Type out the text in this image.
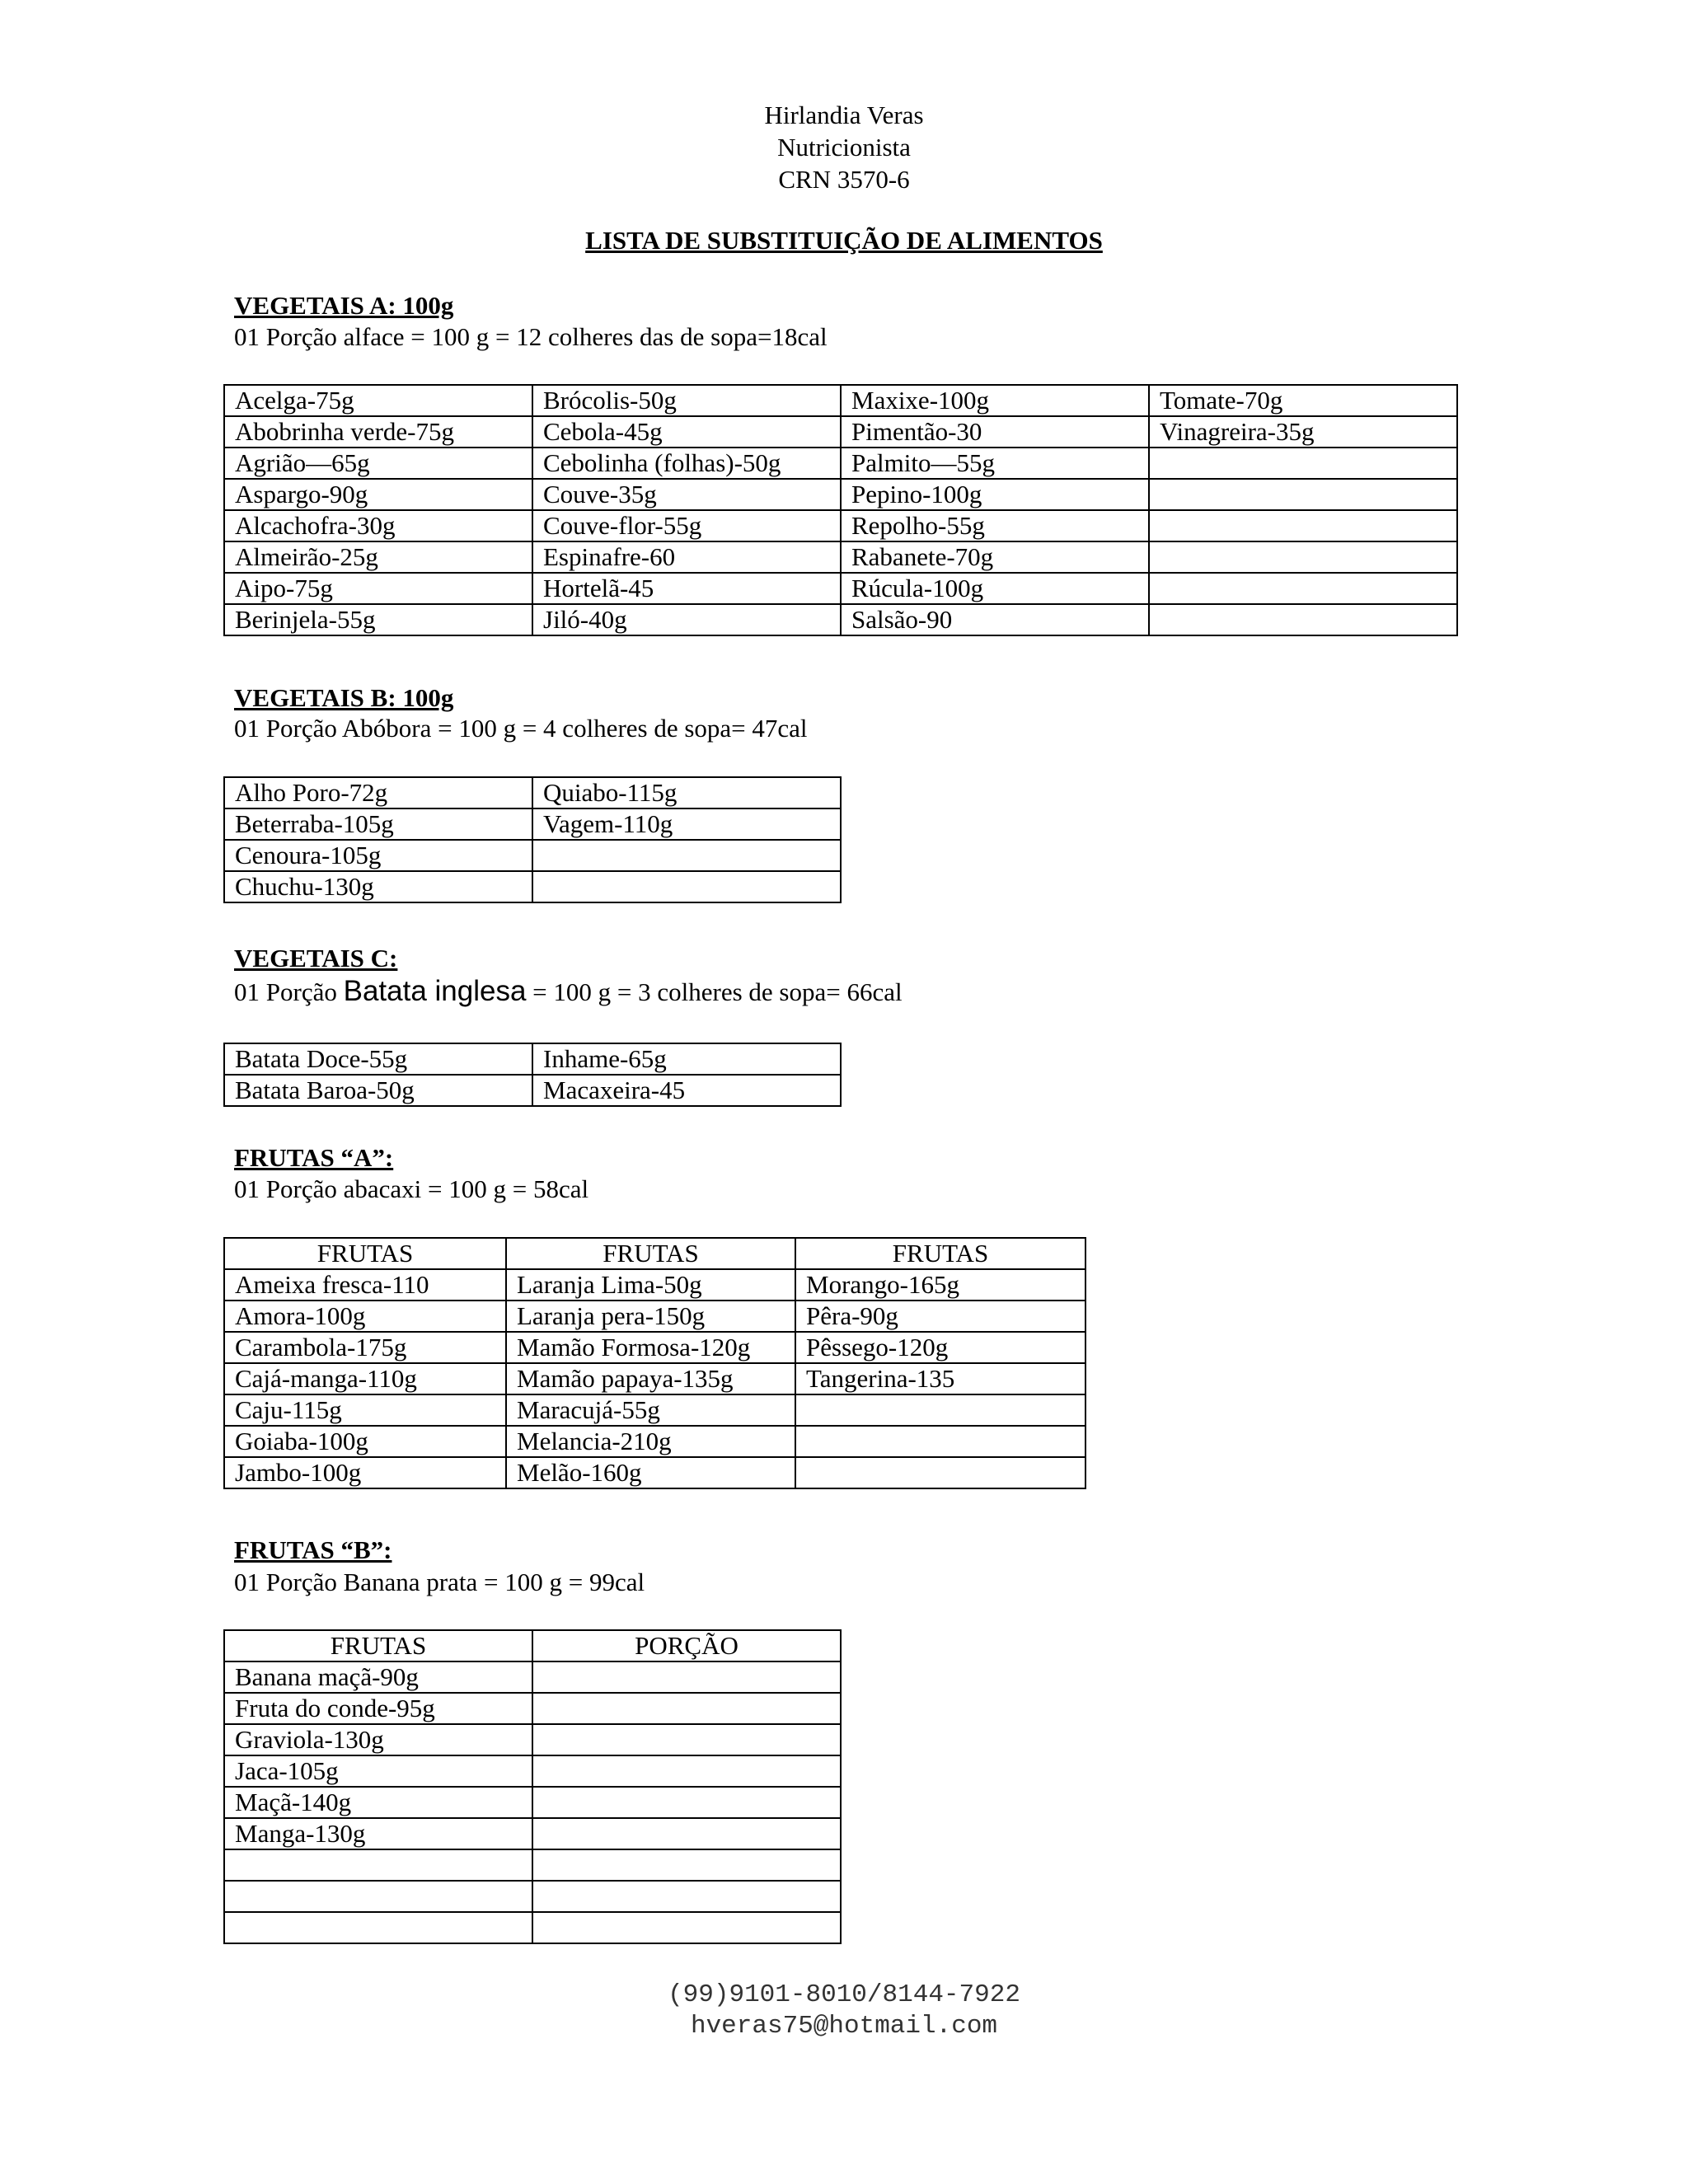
Hirlandia Veras
Nutricionista
CRN 3570-6
LISTA DE SUBSTITUIÇÃO DE ALIMENTOS
VEGETAIS A: 100g
01 Porção alface = 100 g = 12 colheres das de sopa=18cal
Acelga-75g	Brócolis-50g	Maxixe-100g	Tomate-70g
Abobrinha verde-75g	Cebola-45g	Pimentão-30	Vinagreira-35g
Agrião—65g	Cebolinha (folhas)-50g	Palmito—55g	
Aspargo-90g	Couve-35g	Pepino-100g	
Alcachofra-30g	Couve-flor-55g	Repolho-55g	
Almeirão-25g	Espinafre-60	Rabanete-70g	
Aipo-75g	Hortelã-45	Rúcula-100g	
Berinjela-55g	Jiló-40g	Salsão-90	
VEGETAIS B: 100g
01 Porção Abóbora = 100 g = 4 colheres de sopa= 47cal
Alho Poro-72g	Quiabo-115g
Beterraba-105g	Vagem-110g
Cenoura-105g	
Chuchu-130g	
VEGETAIS C:
01 Porção Batata inglesa = 100 g = 3 colheres de sopa= 66cal
Batata Doce-55g	Inhame-65g
Batata Baroa-50g	Macaxeira-45
FRUTAS “A”:
01 Porção abacaxi = 100 g = 58cal
FRUTAS	FRUTAS	FRUTAS
Ameixa fresca-110	Laranja Lima-50g	Morango-165g
Amora-100g	Laranja pera-150g	Pêra-90g
Carambola-175g	Mamão Formosa-120g	Pêssego-120g
Cajá-manga-110g	Mamão papaya-135g	Tangerina-135
Caju-115g	Maracujá-55g	
Goiaba-100g	Melancia-210g	
Jambo-100g	Melão-160g	
FRUTAS “B”:
01 Porção Banana prata = 100 g = 99cal
FRUTAS	PORÇÃO
Banana maçã-90g	
Fruta do conde-95g	
Graviola-130g	
Jaca-105g	
Maçã-140g	
Manga-130g	

(99)9101-8010/8144-7922
hveras75@hotmail.com
